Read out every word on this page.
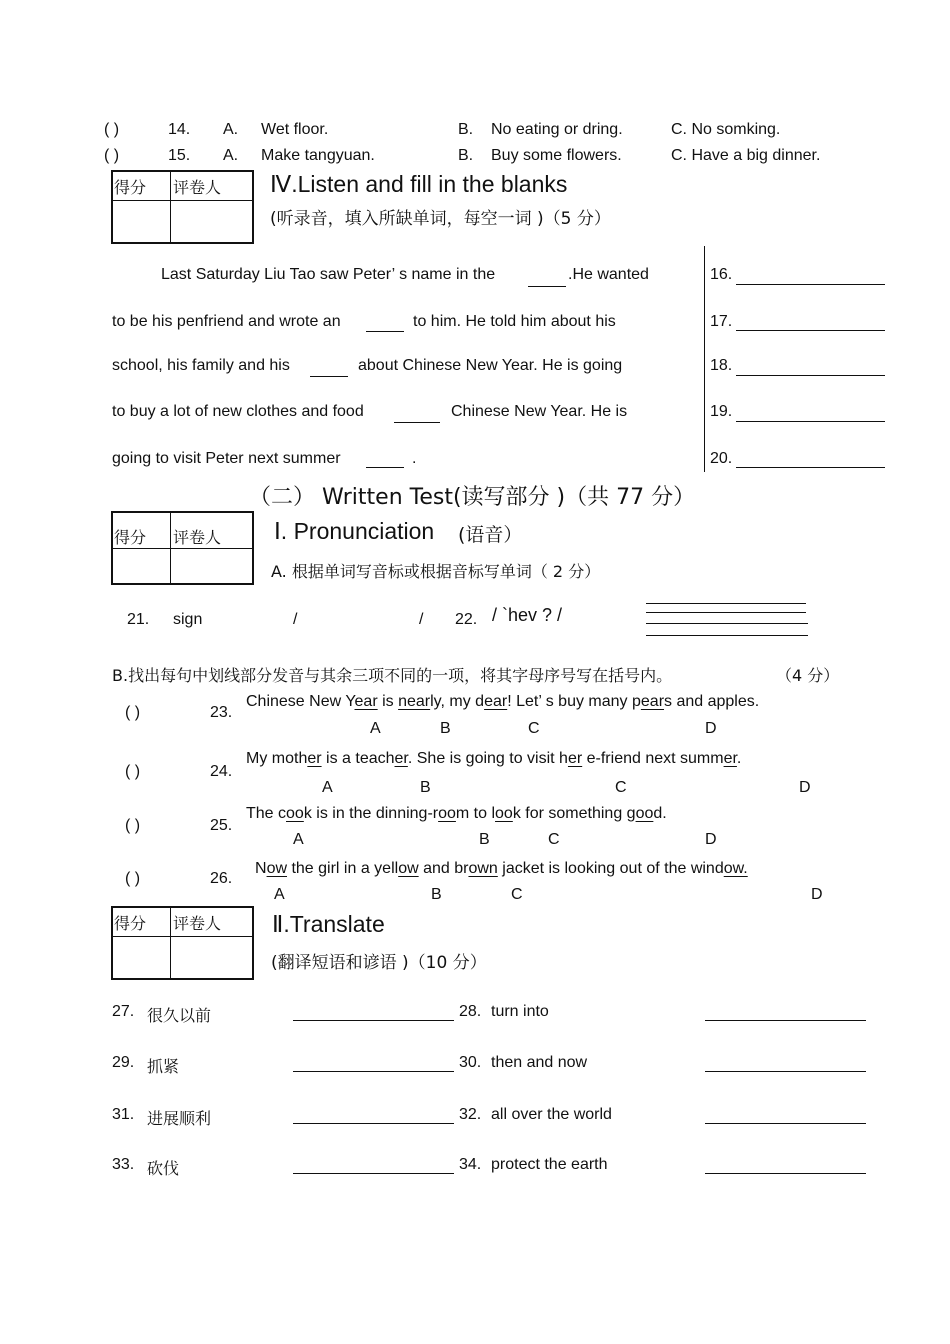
( )	14. A. Wet floor.	B. No eating or dring.	C. No somking.
( )	15. A. Make tangyuan.	B. Buy some flowers.	C. Have a big dinner.
得分 评卷人 Ⅳ.Listen and fill in the blanks
(听录音，填入所缺单词，每空一词 )（5 分）
Last Saturday Liu Tao saw Peter’ s name in the	.He wanted
to be his penfriend and wrote an	to him. He told him about his
school, his family and his	about Chinese New Year. He is going
to buy a lot of new clothes and food	Chinese New Year. He is
going to visit Peter next summer	.
16.
17.
18.
19.
20.
（二） Written Test(读写部分 )（共 77 分）
得分 评卷人 Ⅰ. Pronunciation (语音）
A. 根据单词写音标或根据音标写单词（ 2 分）
21. sign	/	/ 22. / `hev ? /
B.找出每句中划线部分发音与其余三项不同的一项，将其字母序号写在括号内。	（4 分）
( )	23.
Chinese New Year is nearly, my dear! Let’ s buy many pears and apples.
A	B	C	D
( )	24.
My mother is a teacher. She is going to visit her e-friend next summer.
A	B	C	D
( )	25.
The cook is in the dinning-room to look for something good.
A	B	C	D
( )	26.
Now the girl in a yellow and brown jacket is looking out of the window.
A	B	C	D
得分 评卷人 Ⅱ.Translate
(翻译短语和谚语 )（10 分）
27. 很久以前	28. turn into
29. 抓紧	30. then and now
31. 进展顺利	32. all over the world
33. 砍伐	34. protect the earth
